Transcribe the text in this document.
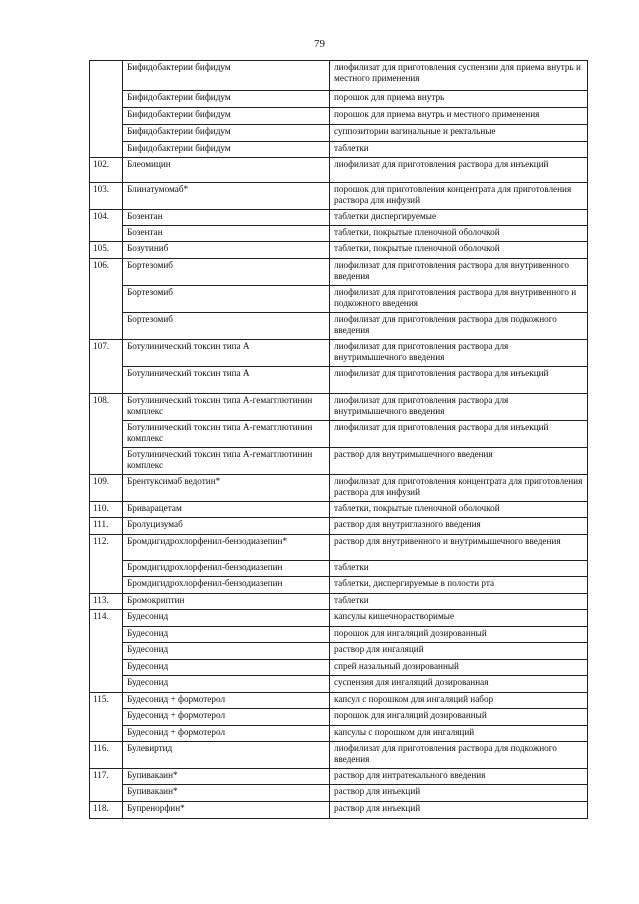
79
	Бифидобактерии бифидум	лиофилизат для приготовления суспензии для приема внутрь и местного применения
	Бифидобактерии бифидум	порошок для приема внутрь
	Бифидобактерии бифидум	порошок для приема внутрь и местного применения
	Бифидобактерии бифидум	суппозитории вагинальные и ректальные
	Бифидобактерии бифидум	таблетки
102.	Блеомицин	лиофилизат для приготовления раствора для инъекций
103.	Блинатумомаб*	порошок для приготовления концентрата для приготовления раствора для инфузий
104.	Бозентан	таблетки диспергируемые
	Бозентан	таблетки, покрытые пленочной оболочкой
105.	Бозутиниб	таблетки, покрытые пленочной оболочкой
106.	Бортезомиб	лиофилизат для приготовления раствора для внутривенного введения
	Бортезомиб	лиофилизат для приготовления раствора для внутривенного и подкожного введения
	Бортезомиб	лиофилизат для приготовления раствора для подкожного введения
107.	Ботулинический токсин типа А	лиофилизат для приготовления раствора для внутримышечного введения
	Ботулинический токсин типа А	лиофилизат для приготовления раствора для инъекций
108.	Ботулинический токсин типа А-гемагглютинин комплекс	лиофилизат для приготовления раствора для внутримышечного введения
	Ботулинический токсин типа А-гемагглютинин комплекс	лиофилизат для приготовления раствора для инъекций
	Ботулинический токсин типа А-гемагглютинин комплекс	раствор для внутримышечного введения
109.	Брентуксимаб ведотин*	лиофилизат для приготовления концентрата для приготовления раствора для инфузий
110.	Бриварацетам	таблетки, покрытые пленочной оболочкой
111.	Бролуцизумаб	раствор для внутриглазного введения
112.	Бромдигидрохлорфенил-бензодиазепин*	раствор для внутривенного и внутримышечного введения
	Бромдигидрохлорфенил-бензодиазепин	таблетки
	Бромдигидрохлорфенил-бензодиазепин	таблетки, диспергируемые в полости рта
113.	Бромокриптин	таблетки
114.	Будесонид	капсулы кишечнорастворимые
	Будесонид	порошок для ингаляций дозированный
	Будесонид	раствор для ингаляций
	Будесонид	спрей назальный дозированный
	Будесонид	суспензия для ингаляций дозированная
115.	Будесонид + формотерол	капсул с порошком для ингаляций набор
	Будесонид + формотерол	порошок для ингаляций дозированный
	Будесонид + формотерол	капсулы с порошком для ингаляций
116.	Булевиртид	лиофилизат для приготовления раствора для подкожного введения
117.	Бупивакаин*	раствор для интратекального введения
	Бупивакаин*	раствор для инъекций
118.	Бупренорфин*	раствор для инъекций
